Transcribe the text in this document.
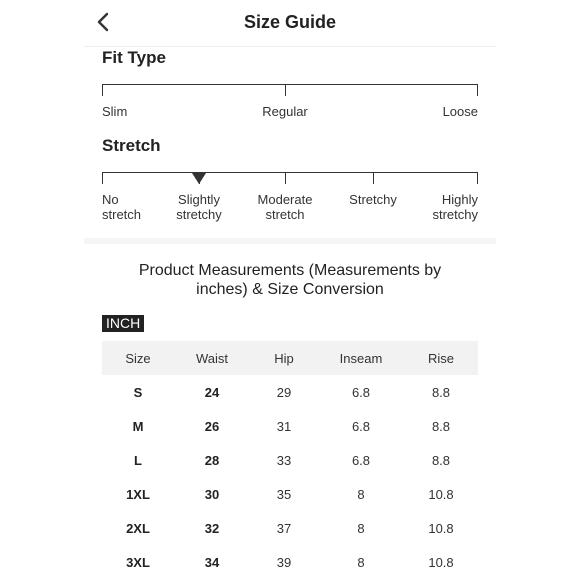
Size Guide
Fit Type
Slim	Regular	Loose
Stretch
No
stretch
Slightly
stretchy
Moderate
stretch
Stretchy	Highly
stretchy
Product Measurements (Measurements by inches) & Size Conversion
INCH
Size	Waist	Hip	Inseam	Rise
S	24	29	6.8	8.8
M	26	31	6.8	8.8
L	28	33	6.8	8.8
1XL	30	35	8	10.8
2XL	32	37	8	10.8
3XL	34	39	8	10.8
